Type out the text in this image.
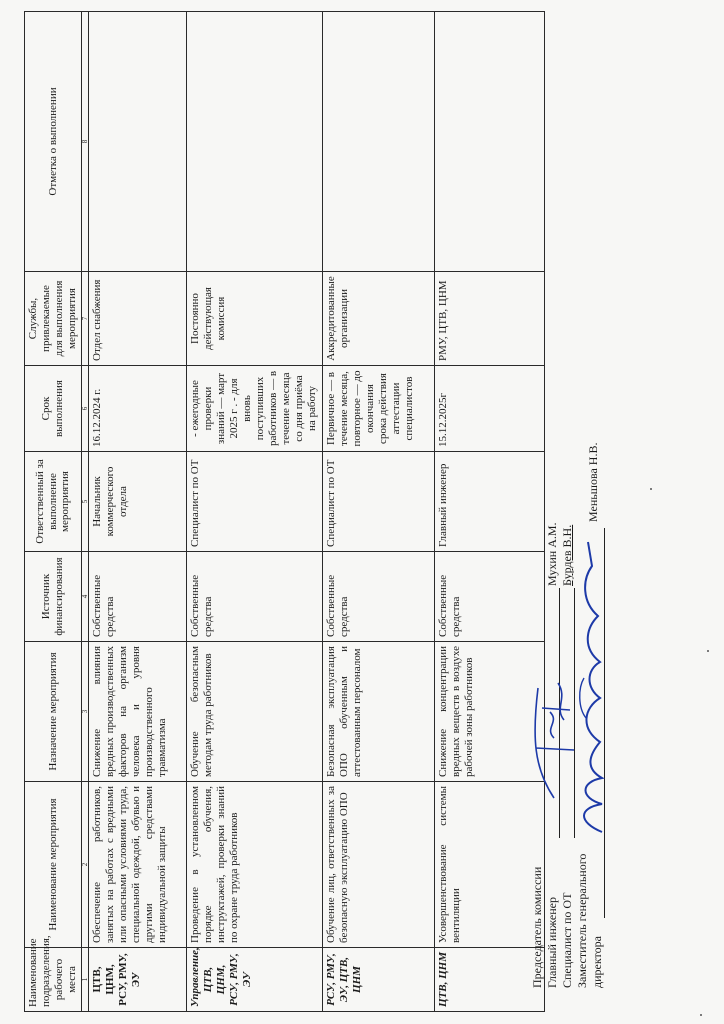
Наименование подразделения, рабочего места	Наименование мероприятия	Назначение мероприятия	Источник финансирования	Ответственный за выполнение мероприятия	Срок выполнения	Службы, привлекаемые для выполнения мероприятия	Отметка о выполнении
1	2	3	4	5	6	7	8
ЦТВ, ЦНМ, РСУ, РМУ, ЭУ	Обеспечение работников, занятых на работах с вредными или опасными условиями труда, специальной одеждой, обувью и другими средствами индивидуальной защиты	Снижение влияния вредных производственных факторов на организм человека и уровня производственного травматизма	Собственные средства	Начальник коммерческого отдела	16.12.2024 г.	Отдел снабжения	
Управление, ЦТВ, ЦНМ, РСУ, РМУ, ЭУ	Проведение в установленном порядке обучения, инструктажей, проверки знаний по охране труда работников	Обучение безопасным методам труда работников	Собственные средства	Специалист по ОТ	- ежегодные проверки знаний — март 2025 г . - для вновь поступивших работников — в течение месяца со дня приёма на работу	Постоянно действующая комиссия	
РСУ, РМУ, ЭУ, ЦТВ, ЦНМ	Обучение лиц, ответственных за безопасную эксплуатацию ОПО	Безопасная эксплуатация ОПО обученным и аттестованным персоналом	Собственные средства	Специалист по ОТ	Первичное — в течение месяца, повторное — до окончания срока действия аттестации специалистов	Аккредитованные организации	
ЦТВ, ЦНМ	Усовершенствование системы вентиляции	Снижение концентрации вредных веществ в воздухе рабочей зоны работников	Собственные средства	Главный инженер	15.12.2025г	РМУ, ЦТВ, ЦНМ	
Председатель комиссии Главный инженер
Мухин А.М.
Специалист по ОТ
Бурдев В.Н.
Заместитель генерального директора
Меньшова Н.В.
